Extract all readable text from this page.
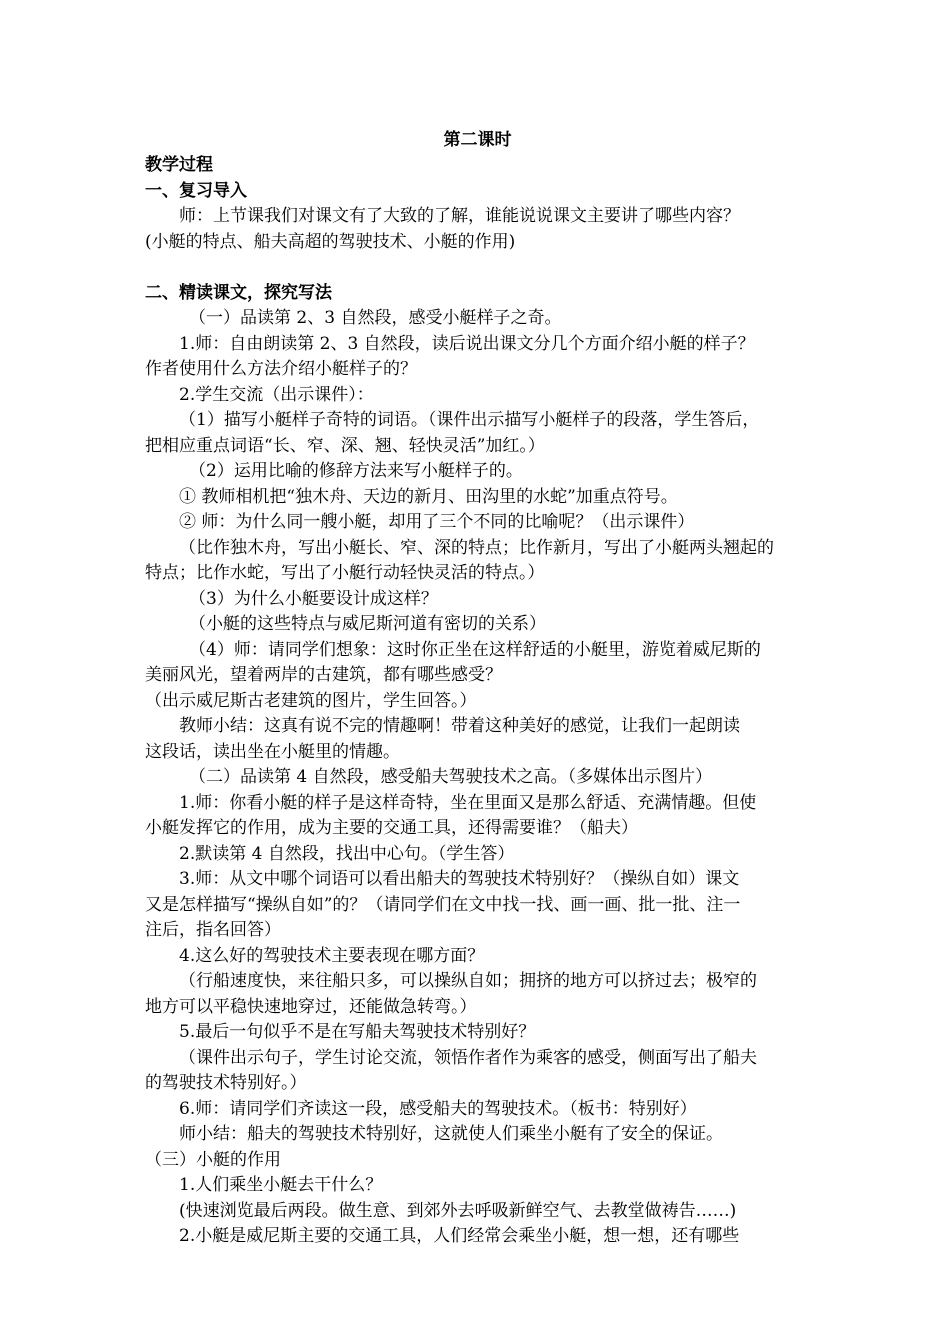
第二课时
教学过程
一、复习导入
师：上节课我们对课文有了大致的了解，谁能说说课文主要讲了哪些内容？
(小艇的特点、船夫高超的驾驶技术、小艇的作用)
二、精读课文，探究写法
（一）品读第 2、3 自然段，感受小艇样子之奇。
1.师：自由朗读第 2、3 自然段，读后说出课文分几个方面介绍小艇的样子？
作者使用什么方法介绍小艇样子的？
2.学生交流（出示课件）：
（1）描写小艇样子奇特的词语。（课件出示描写小艇样子的段落，学生答后，
把相应重点词语“长、窄、深、翘、轻快灵活”加红。）
（2）运用比喻的修辞方法来写小艇样子的。
① 教师相机把“独木舟、天边的新月、田沟里的水蛇”加重点符号。
② 师：为什么同一艘小艇，却用了三个不同的比喻呢？（出示课件）
（比作独木舟，写出小艇长、窄、深的特点；比作新月，写出了小艇两头翘起的
特点；比作水蛇，写出了小艇行动轻快灵活的特点。）
（3）为什么小艇要设计成这样？
（小艇的这些特点与威尼斯河道有密切的关系）
（4）师：请同学们想象：这时你正坐在这样舒适的小艇里，游览着威尼斯的
美丽风光，望着两岸的古建筑，都有哪些感受？
（出示威尼斯古老建筑的图片，学生回答。）
教师小结：这真有说不完的情趣啊！带着这种美好的感觉，让我们一起朗读
这段话，读出坐在小艇里的情趣。
（二）品读第 4 自然段，感受船夫驾驶技术之高。（多媒体出示图片）
1.师：你看小艇的样子是这样奇特，坐在里面又是那么舒适、充满情趣。但使
小艇发挥它的作用，成为主要的交通工具，还得需要谁？（船夫）
2.默读第 4 自然段，找出中心句。（学生答）
3.师：从文中哪个词语可以看出船夫的驾驶技术特别好？（操纵自如）课文
又是怎样描写“操纵自如”的？（请同学们在文中找一找、画一画、批一批、注一
注后，指名回答）
4.这么好的驾驶技术主要表现在哪方面？
（行船速度快，来往船只多，可以操纵自如；拥挤的地方可以挤过去；极窄的
地方可以平稳快速地穿过，还能做急转弯。）
5.最后一句似乎不是在写船夫驾驶技术特别好？
（课件出示句子，学生讨论交流，领悟作者作为乘客的感受，侧面写出了船夫
的驾驶技术特别好。）
6.师：请同学们齐读这一段，感受船夫的驾驶技术。（板书：特别好）
师小结：船夫的驾驶技术特别好，这就使人们乘坐小艇有了安全的保证。
（三）小艇的作用
1.人们乘坐小艇去干什么？
(快速浏览最后两段。做生意、到郊外去呼吸新鲜空气、去教堂做祷告……)
2.小艇是威尼斯主要的交通工具，人们经常会乘坐小艇，想一想，还有哪些
